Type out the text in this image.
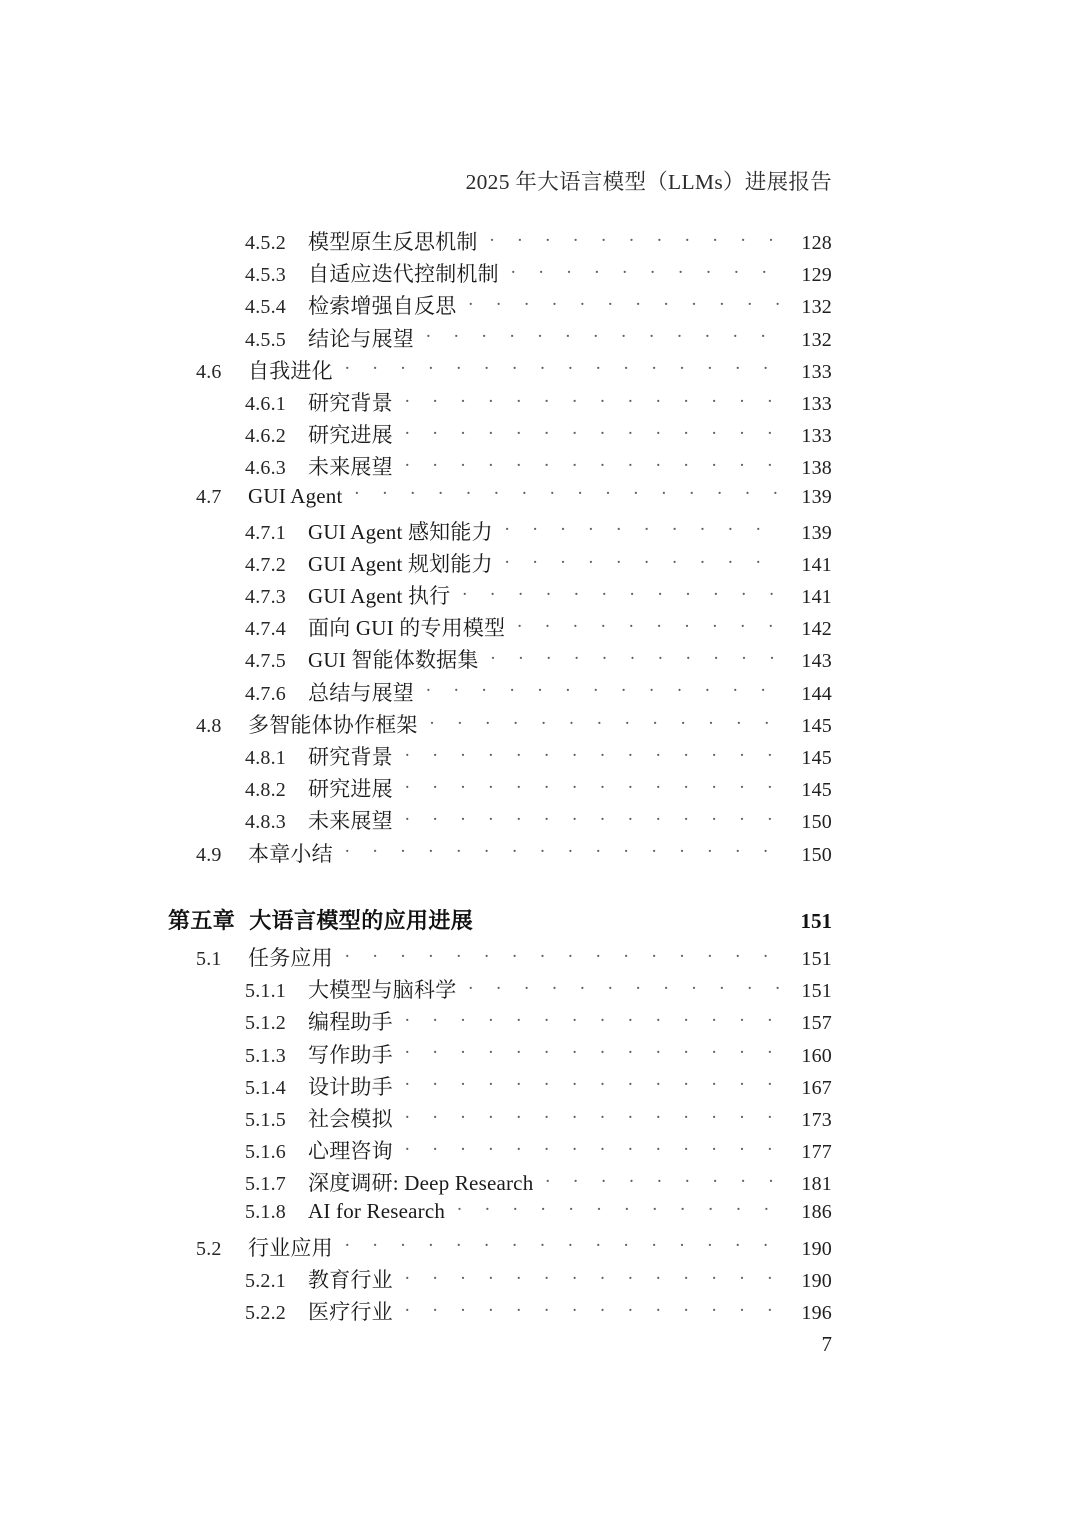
2025 年大语言模型（LLMs）进展报告
4.5.2	模型原生反思机制 . . .	128
4.5.3	自适应迭代控制机制 . . .	129
4.5.4	检索增强自反思 . . .	132
4.5.5	结论与展望 . . .	132
4.6	自我进化 . . .	133
4.6.1	研究背景 . . .	133
4.6.2	研究进展 . . .	133
4.6.3	未来展望 . . .	138
4.7	GUI Agent . . .	139
4.7.1	GUI Agent 感知能力 . . .	139
4.7.2	GUI Agent 规划能力 . . .	141
4.7.3	GUI Agent 执行 . . .	141
4.7.4	面向 GUI 的专用模型 . . .	142
4.7.5	GUI 智能体数据集 . . .	143
4.7.6	总结与展望 . . .	144
4.8	多智能体协作框架 . . .	145
4.8.1	研究背景 . . .	145
4.8.2	研究进展 . . .	145
4.8.3	未来展望 . . .	150
4.9	本章小结 . . .	150
第五章 大语言模型的应用进展	151
5.1	任务应用 . . .	151
5.1.1	大模型与脑科学 . . .	151
5.1.2	编程助手 . . .	157
5.1.3	写作助手 . . .	160
5.1.4	设计助手 . . .	167
5.1.5	社会模拟 . . .	173
5.1.6	心理咨询 . . .	177
5.1.7	深度调研: Deep Research . . .	181
5.1.8	AI for Research . . .	186
5.2	行业应用 . . .	190
5.2.1	教育行业 . . .	190
5.2.2	医疗行业 . . .	196
7
